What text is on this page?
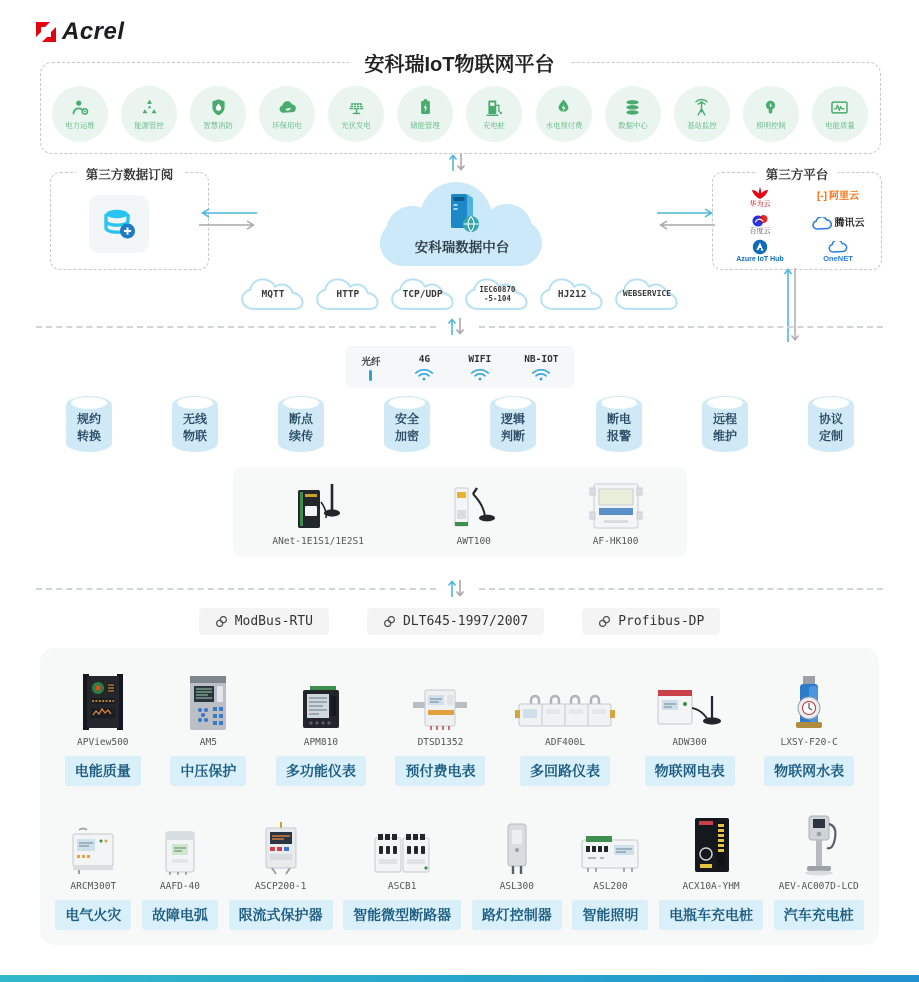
Acrel
安科瑞IoT物联网平台
电力运维	能源管控	智慧消防	环保用电	光伏发电	储能管理	充电桩	水电预付费	数据中心	基站监控	照明控制	电能质量
第三方数据订阅
安科瑞数据中台
第三方平台
华为云
[-] 阿里云
百度云
腾讯云
Azure IoT Hub	OneNET
MQTT	HTTP	TCP/UDP	IEC60870
-5-104	HJ212	WEBSERVICE
光纤	4G	WIFI	NB-IOT
规约
转换
无线
物联
断点
续传
安全
加密
逻辑
判断
断电
报警
远程
维护
协议
定制
ANet-1E1S1/1E2S1	AWT100	AF-HK100
ModBus-RTU	DLT645-1997/2007	Profibus-DP
APView500
电能质量
AM5
中压保护
APM810
多功能仪表
DTSD1352
预付费电表
ADF400L
多回路仪表
ADW300
物联网电表
LXSY-F20-C
物联网水表
ARCM300T
电气火灾
AAFD-40
故障电弧
ASCP200-1
限流式保护器
ASCB1
智能微型断路器
ASL300
路灯控制器
ASL200
智能照明
ACX10A-YHM
电瓶车充电桩
AEV-AC007D-LCD
汽车充电桩
